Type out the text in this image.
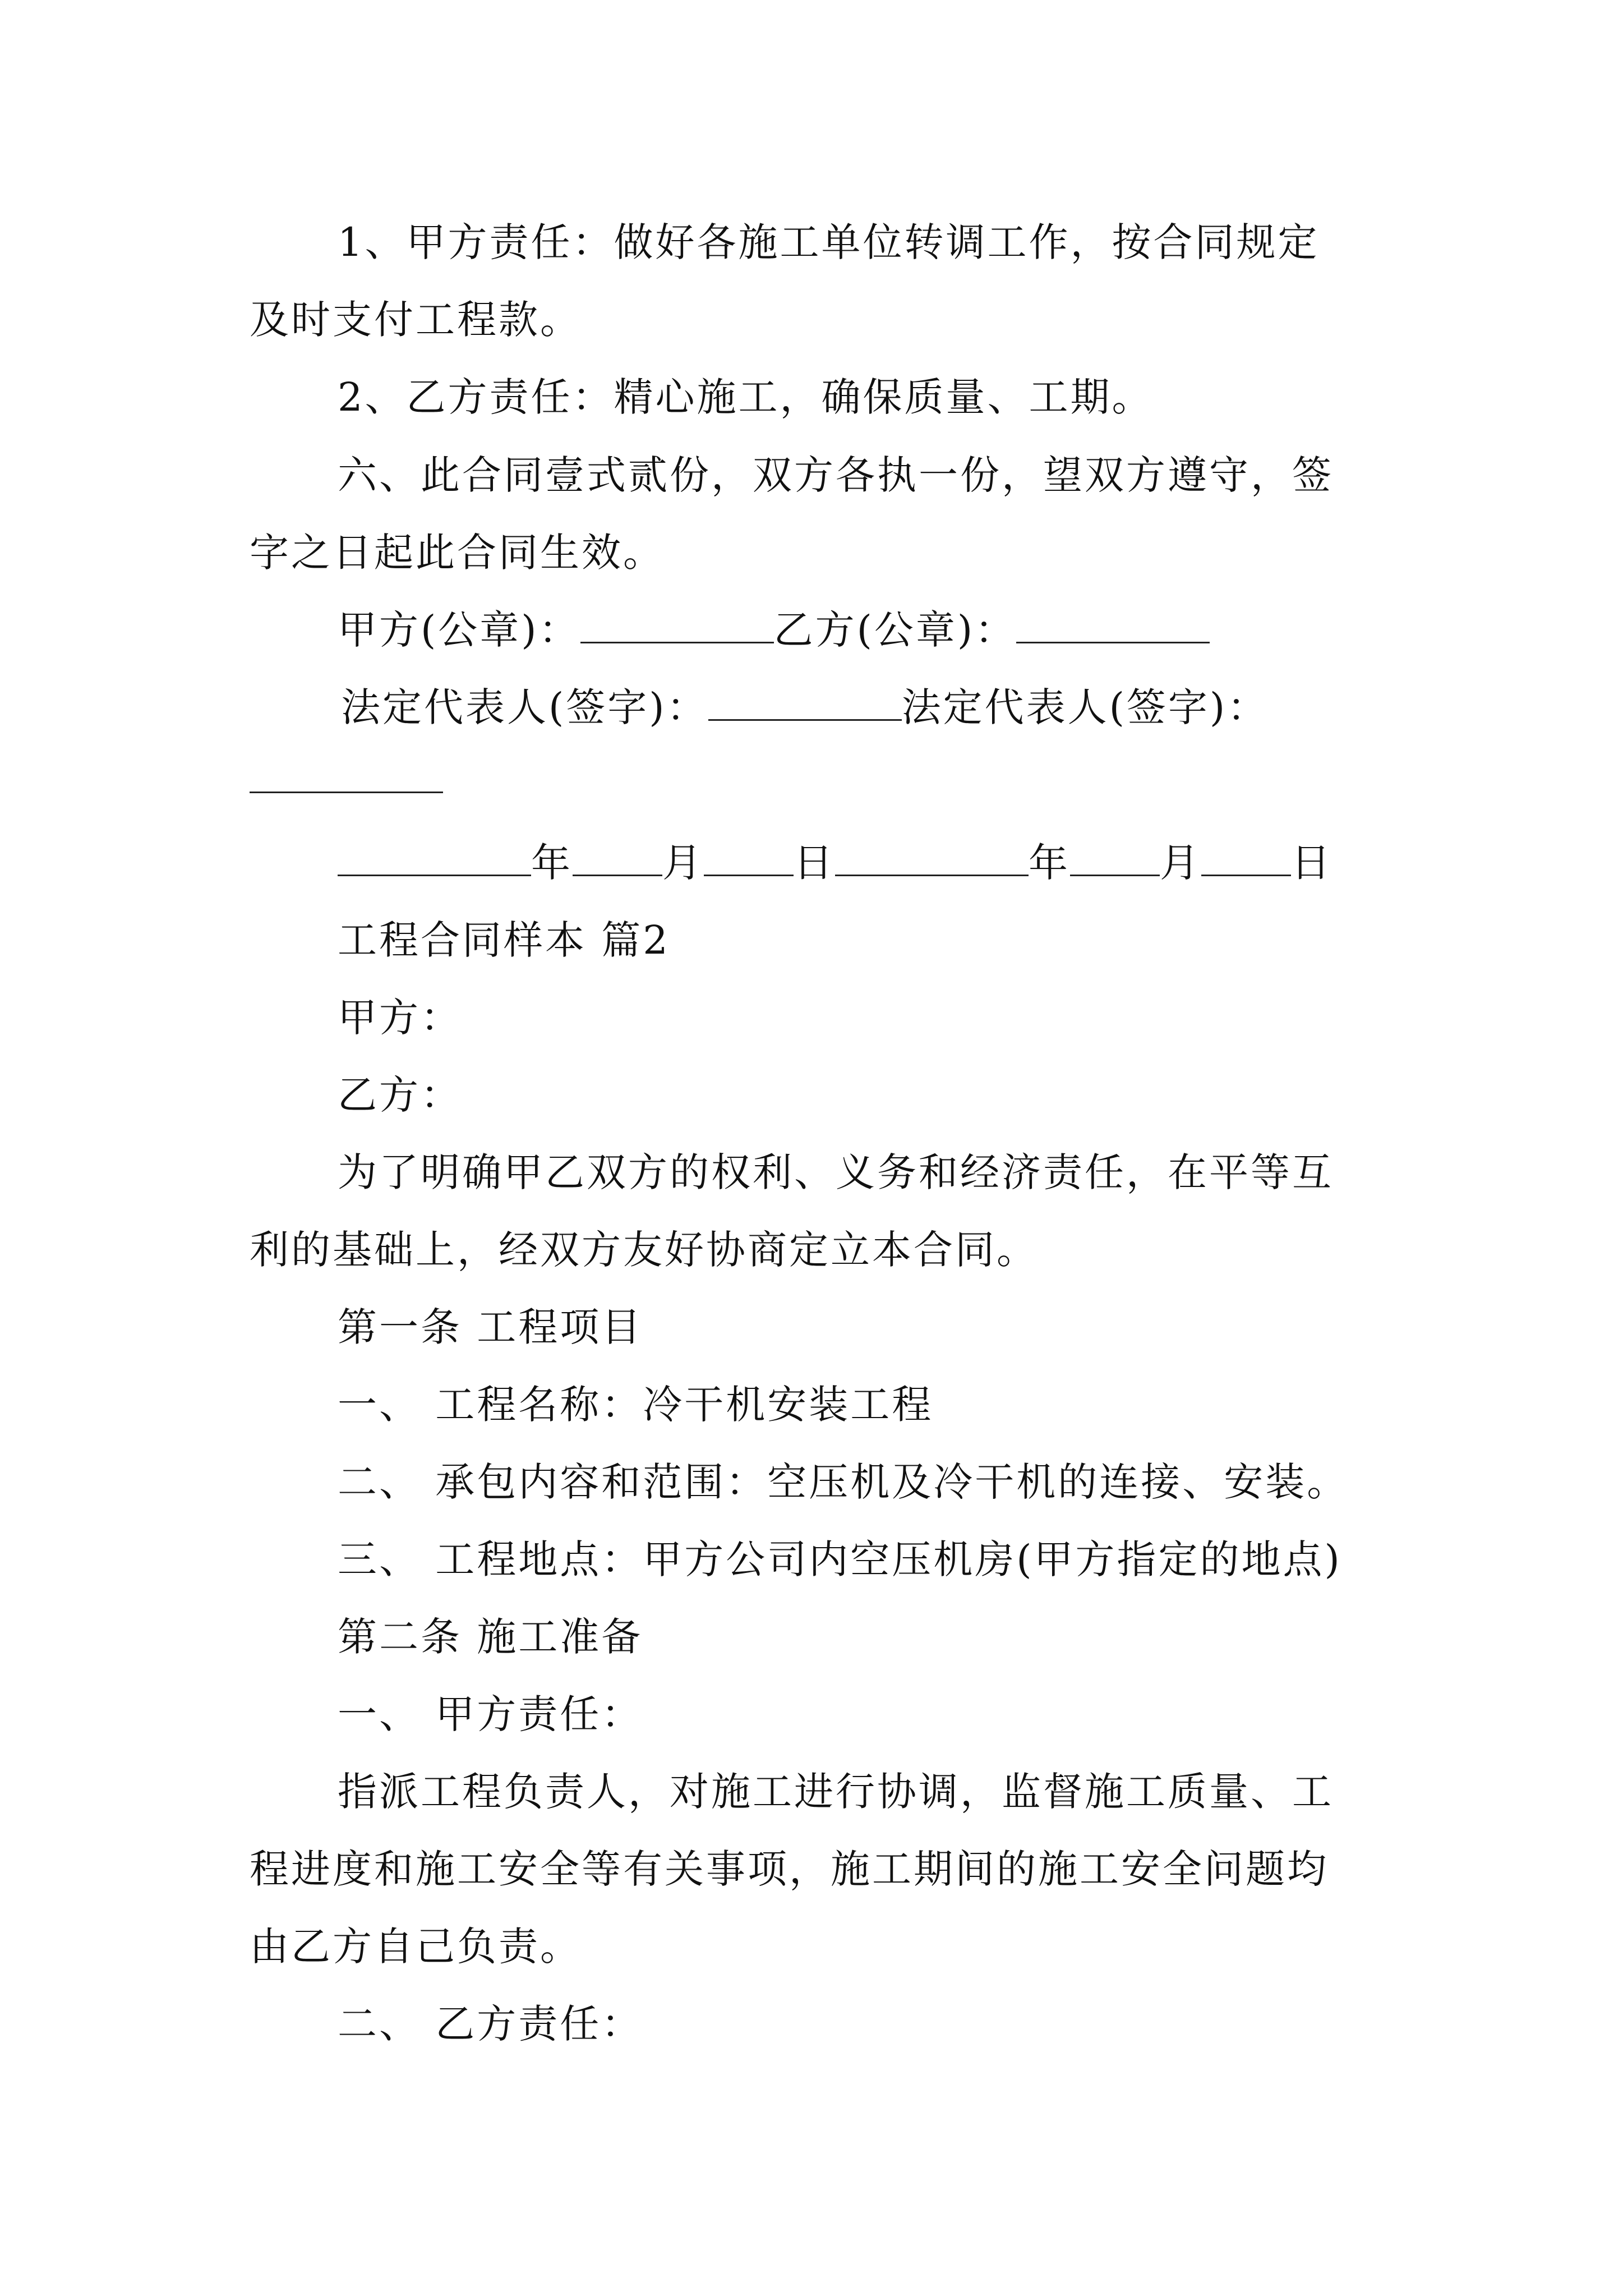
1、甲方责任：做好各施工单位转调工作，按合同规定

及时支付工程款。

2、乙方责任：精心施工，确保质量、工期。

六、此合同壹式贰份，双方各执一份，望双方遵守，签

字之日起此合同生效。

甲方(公章)：	乙方(公章)：

法定代表人(签字)：	法定代表人(签字)：

年 月 日	年 月 日

工程合同样本 篇2

甲方：

乙方：

为了明确甲乙双方的权利、义务和经济责任，在平等互

利的基础上，经双方友好协商定立本合同。

第一条 工程项目

一、 工程名称：冷干机安装工程

二、 承包内容和范围：空压机及冷干机的连接、安装。

三、 工程地点：甲方公司内空压机房(甲方指定的地点)

第二条 施工准备

一、 甲方责任：

指派工程负责人，对施工进行协调，监督施工质量、工

程进度和施工安全等有关事项，施工期间的施工安全问题均

由乙方自己负责。

二、 乙方责任：
